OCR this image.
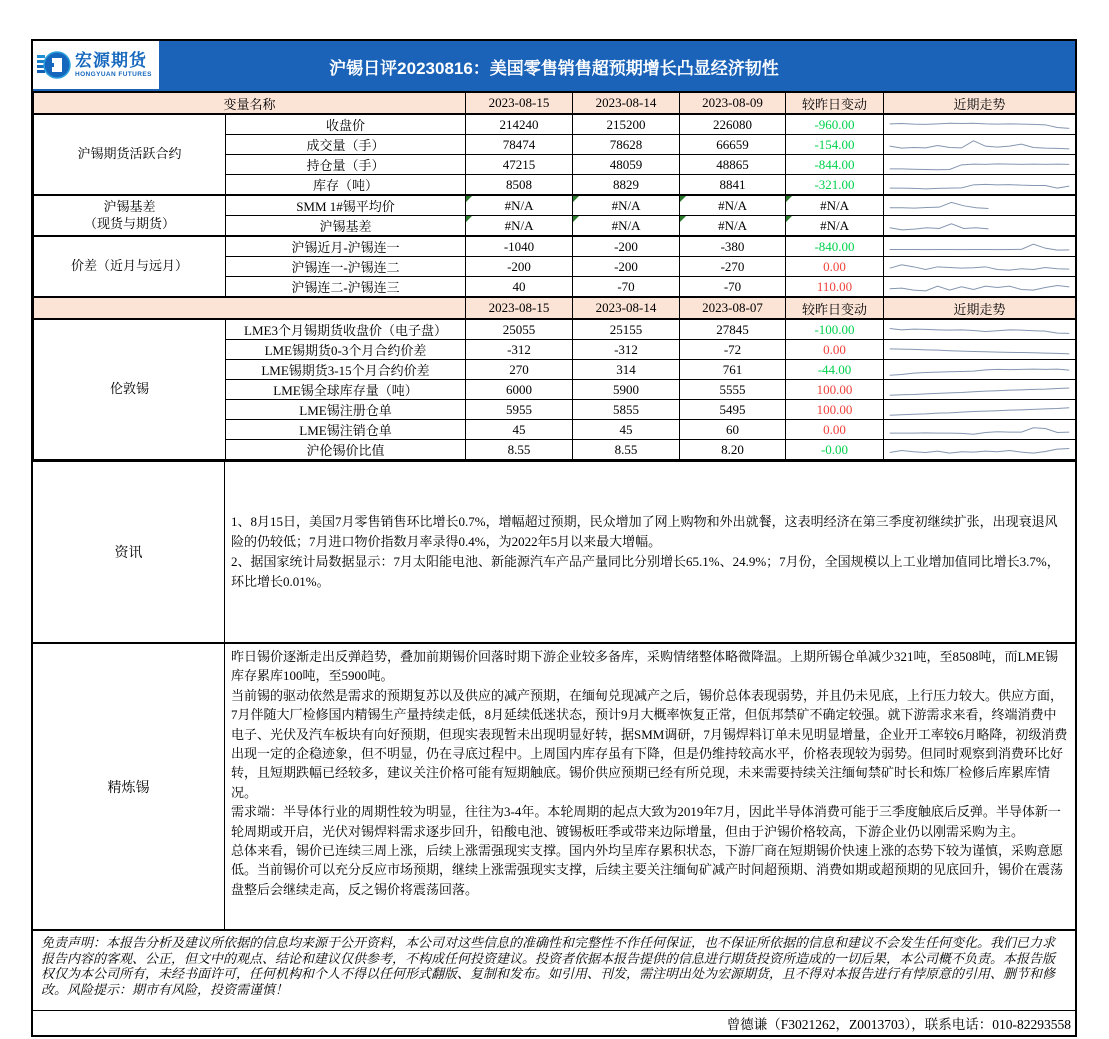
宏源期货
HONGYUAN FUTURES	沪锡日评20230816：美国零售销售超预期增长凸显经济韧性
变量名称		2023-08-15	2023-08-14	2023-08-09	较昨日变动	近期走势

沪锡期货活跃合约	收盘价	214240	215200	226080	-960.00	

	成交量（手）	78474	78628	66659	-154.00	

	持仓量（手）	47215	48059	48865	-844.00	

	库存（吨）	8508	8829	8841	-321.00	

沪锡基差
（现货与期货）	SMM 1#锡平均价	#N/A	#N/A	#N/A	#N/A	

	沪锡基差	#N/A	#N/A	#N/A	#N/A	

价差（近月与远月）	沪锡近月-沪锡连一	-1040	-200	-380	-840.00	

	沪锡连一-沪锡连二	-200	-200	-270	0.00	

	沪锡连二-沪锡连三	40	-70	-70	110.00	

		2023-08-15	2023-08-14	2023-08-07	较昨日变动	近期走势

伦敦锡	LME3个月锡期货收盘价（电子盘）	25055	25155	27845	-100.00	

	LME锡期货0-3个月合约价差	-312	-312	-72	0.00	

	LME锡期货3-15个月合约价差	270	314	761	-44.00	

	LME锡全球库存量（吨）	6000	5900	5555	100.00	

	LME锡注册仓单	5955	5855	5495	100.00	

	LME锡注销仓单	45	45	60	0.00	

	沪伦锡价比值	8.55	8.55	8.20	-0.00	
资讯
1、8月15日，美国7月零售销售环比增长0.7%，增幅超过预期，民众增加了网上购物和外出就餐，这表明经济在第三季度初继续扩张，出现衰退风险的仍较低；7月进口物价指数月率录得0.4%，为2022年5月以来最大增幅。
2、据国家统计局数据显示：7月太阳能电池、新能源汽车产品产量同比分别增长65.1%、24.9%；7月份，全国规模以上工业增加值同比增长3.7%，环比增长0.01%。
精炼锡
昨日锡价逐渐走出反弹趋势，叠加前期锡价回落时期下游企业较多备库，采购情绪整体略微降温。上期所锡仓单减少321吨，至8508吨，而LME锡库存累库100吨，至5900吨。
当前锡的驱动依然是需求的预期复苏以及供应的减产预期，在缅甸兑现减产之后，锡价总体表现弱势，并且仍未见底，上行压力较大。供应方面，7月伴随大厂检修国内精锡生产量持续走低，8月延续低迷状态，预计9月大概率恢复正常，但佤邦禁矿不确定较强。就下游需求来看，终端消费中电子、光伏及汽车板块有向好预期，但现实表现暂未出现明显好转，据SMM调研，7月锡焊料订单未见明显增量，企业开工率较6月略降，初级消费出现一定的企稳迹象，但不明显，仍在寻底过程中。上周国内库存虽有下降，但是仍维持较高水平，价格表现较为弱势。但同时观察到消费环比好转，且短期跌幅已经较多，建议关注价格可能有短期触底。锡价供应预期已经有所兑现，未来需要持续关注缅甸禁矿时长和炼厂检修后库累库情况。
需求端：半导体行业的周期性较为明显，往往为3-4年。本轮周期的起点大致为2019年7月，因此半导体消费可能于三季度触底后反弹。半导体新一轮周期或开启，光伏对锡焊料需求逐步回升，铅酸电池、镀锡板旺季或带来边际增量，但由于沪锡价格较高，下游企业仍以刚需采购为主。
总体来看，锡价已连续三周上涨，后续上涨需强现实支撑。国内外均呈库存累积状态，下游厂商在短期锡价快速上涨的态势下较为谨慎，采购意愿低。当前锡价可以充分反应市场预期，继续上涨需强现实支撑，后续主要关注缅甸矿减产时间超预期、消费如期或超预期的见底回升，锡价在震荡盘整后会继续走高，反之锡价将震荡回落。
免责声明：本报告分析及建议所依据的信息均来源于公开资料，本公司对这些信息的准确性和完整性不作任何保证，也不保证所依据的信息和建议不会发生任何变化。我们已力求报告内容的客观、公正，但文中的观点、结论和建议仅供参考，不构成任何投资建议。投资者依据本报告提供的信息进行期货投资所造成的一切后果，本公司概不负责。本报告版权仅为本公司所有，未经书面许可，任何机构和个人不得以任何形式翻版、复制和发布。如引用、刊发，需注明出处为宏源期货，且不得对本报告进行有悖原意的引用、删节和修改。风险提示：期市有风险，投资需谨慎！
曾德谦（F3021262，Z0013703），联系电话：010-82293558
